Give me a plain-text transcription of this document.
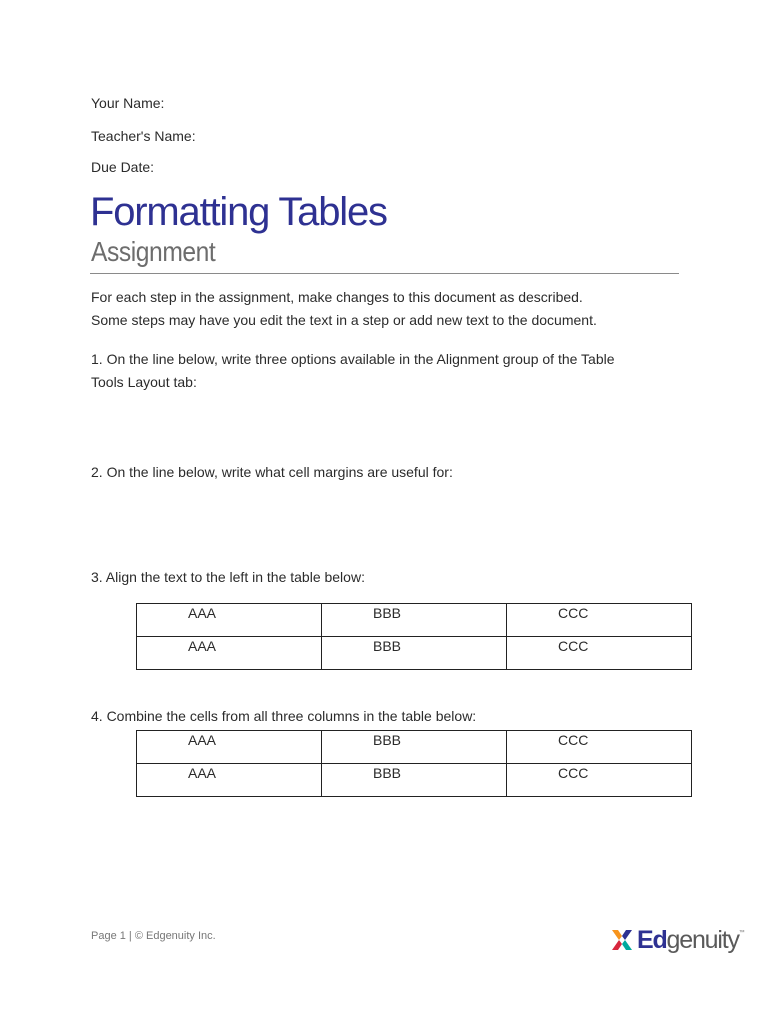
Your Name:
Teacher's Name:
Due Date:
Formatting Tables
Assignment
For each step in the assignment, make changes to this document as described.
Some steps may have you edit the text in a step or add new text to the document.
1. On the line below, write three options available in the Alignment group of the Table
Tools Layout tab:
2. On the line below, write what cell margins are useful for:
3. Align the text to the left in the table below:
AAA	BBB	CCC
AAA	BBB	CCC
4. Combine the cells from all three columns in the table below:
AAA	BBB	CCC
AAA	BBB	CCC
Page 1 | © Edgenuity Inc.	Edgenuity ™
